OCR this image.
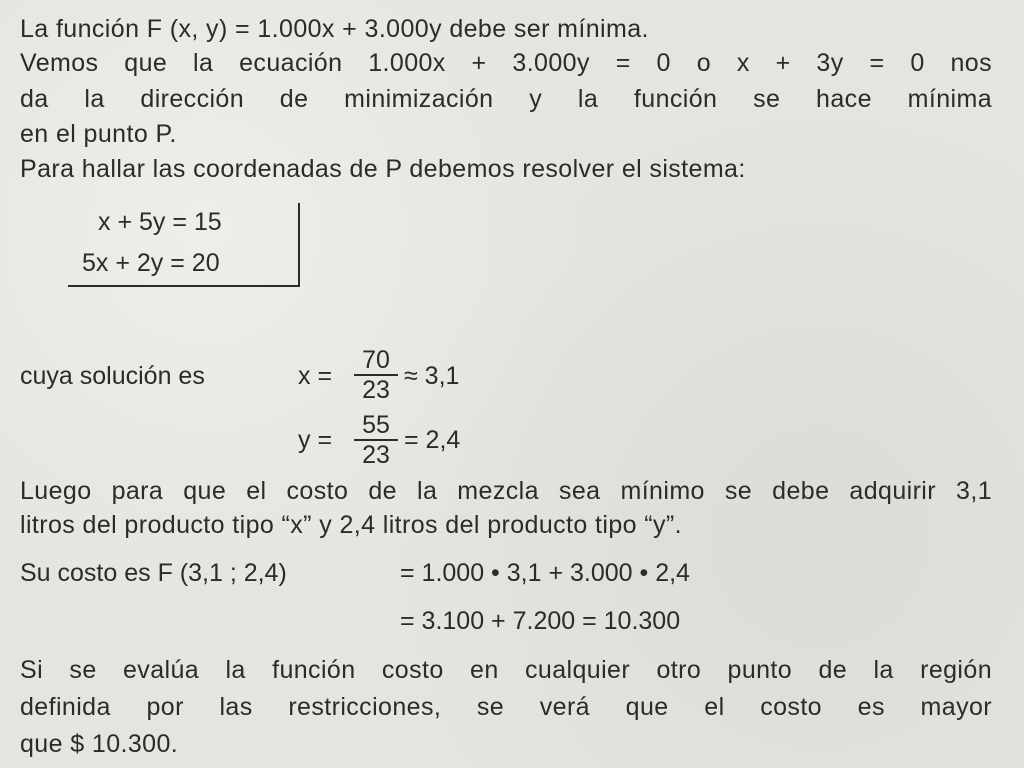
La función F (x, y) = 1.000x + 3.000y debe ser mínima.
Vemos que la ecuación 1.000x + 3.000y = 0 o x + 3y = 0 nos
da la dirección de minimización y la función se hace mínima
en el punto P.
Para hallar las coordenadas de P debemos resolver el sistema:
x + 5y = 15
5x + 2y = 20
cuya solución es	$x = \frac{70}{23} \approx 3,1$
$y = \frac{55}{23} = 2,4$
Luego para que el costo de la mezcla sea mínimo se debe adquirir 3,1
litros del producto tipo “x” y 2,4 litros del producto tipo “y”.
Su costo es F (3,1 ; 2,4)	= 1.000 • 3,1 + 3.000 • 2,4
= 3.100 + 7.200 = 10.300
Si se evalúa la función costo en cualquier otro punto de la región
definida por las restricciones, se verá que el costo es mayor
que $ 10.300.
